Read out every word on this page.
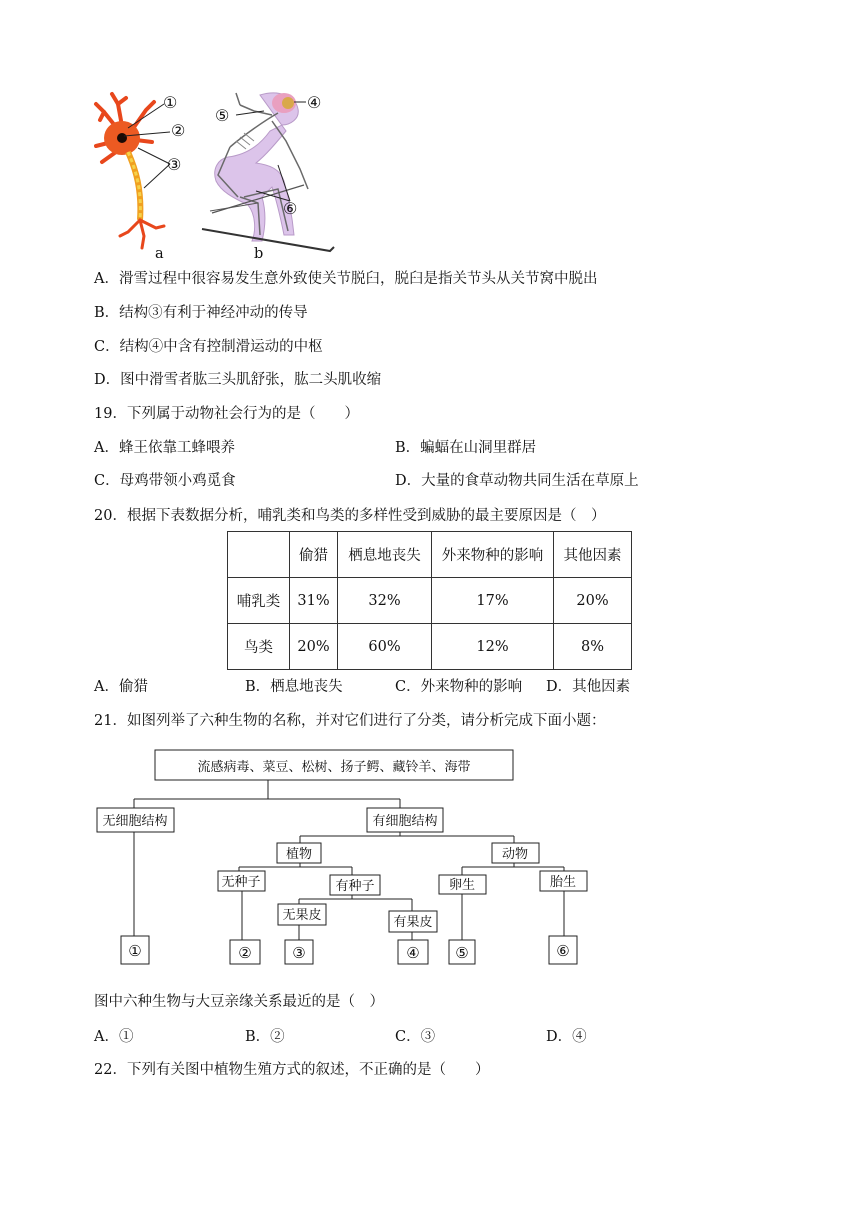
①
②
③
a
④
⑤
⑥
b
A．滑雪过程中很容易发生意外致使关节脱臼，脱臼是指关节头从关节窝中脱出
B．结构③有利于神经冲动的传导
C．结构④中含有控制滑运动的中枢
D．图中滑雪者肱三头肌舒张，肱二头肌收缩
19．下列属于动物社会行为的是（　　）
A．蜂王依靠工蜂喂养	B．蝙蝠在山洞里群居
C．母鸡带领小鸡觅食	D．大量的食草动物共同生活在草原上
20．根据下表数据分析，哺乳类和鸟类的多样性受到威胁的最主要原因是（　）
	偷猎	栖息地丧失	外来物种的影响	其他因素
哺乳类	31%	32%	17%	20%
鸟类	20%	60%	12%	8%
A．偷猎	B．栖息地丧失	C．外来物种的影响 D．其他因素
21．如图列举了六种生物的名称，并对它们进行了分类，请分析完成下面小题：
流感病毒、菜豆、松树、扬子鳄、藏铃羊、海带
无细胞结构	有细胞结构
植物	动物
无种子	有种子
无果皮	有果皮
卵生	胎生
①	②	③	④ ⑤	⑥
图中六种生物与大豆亲缘关系最近的是（　）
A．①	B．②	C．③	D．④
22．下列有关图中植物生殖方式的叙述，不正确的是（　　）
